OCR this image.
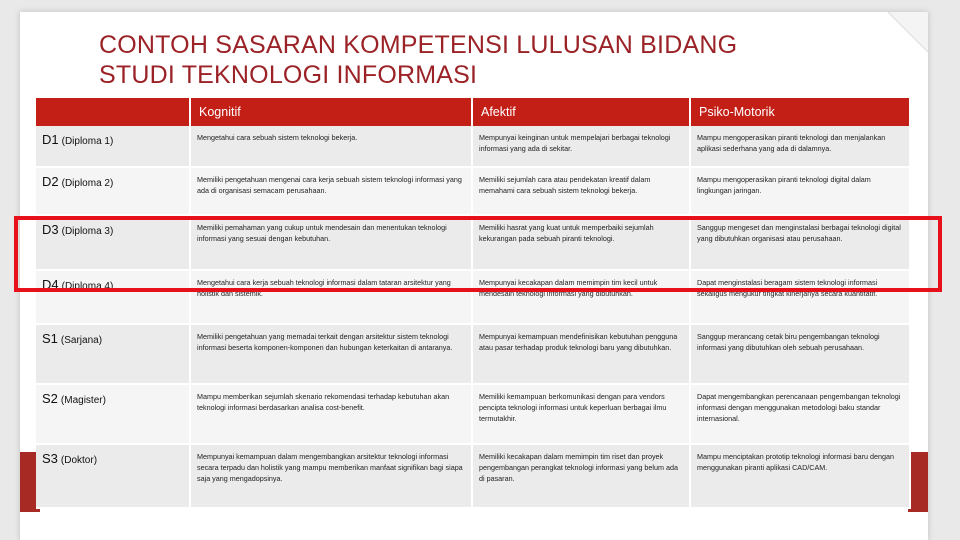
CONTOH SASARAN KOMPETENSI LULUSAN BIDANG
STUDI TEKNOLOGI INFORMASI
	Kognitif	Afektif	Psiko-Motorik
D1 (Diploma 1)	Mengetahui cara sebuah sistem teknologi bekerja.	Mempunyai keinginan untuk mempelajari berbagai teknologi informasi yang ada di sekitar.	Mampu mengoperasikan piranti teknologi dan menjalankan aplikasi sederhana yang ada di dalamnya.
D2 (Diploma 2)	Memiliki pengetahuan mengenai cara kerja sebuah sistem teknologi informasi yang ada di organisasi semacam perusahaan.	Memiliki sejumlah cara atau pendekatan kreatif dalam memahami cara sebuah sistem teknologi bekerja.	Mampu mengoperasikan piranti teknologi digital dalam lingkungan jaringan.
D3 (Diploma 3)	Memiliki pemahaman yang cukup untuk mendesain dan menentukan teknologi informasi yang sesuai dengan kebutuhan.	Memiliki hasrat yang kuat untuk memperbaiki sejumlah kekurangan pada sebuah piranti teknologi.	Sanggup mengeset dan menginstalasi berbagai teknologi digital yang dibutuhkan organisasi atau perusahaan.
D4 (Diploma 4)	Mengetahui cara kerja sebuah teknologi informasi dalam tataran arsitektur yang holistik dan sistemik.	Mempunyai kecakapan dalam memimpin tim kecil untuk mendesain teknologi informasi yang dibutuhkan.	Dapat menginstalasi beragam sistem teknologi informasi sekaligus mengukur tingkat kinerjanya secara kuantitatif.
S1 (Sarjana)	Memiliki pengetahuan yang memadai terkait dengan arsitektur sistem teknologi informasi beserta komponen-komponen dan hubungan keterkaitan di antaranya.	Mempunyai kemampuan mendefinisikan kebutuhan pengguna atau pasar terhadap produk teknologi baru yang dibutuhkan.	Sanggup merancang cetak biru pengembangan teknologi informasi yang dibutuhkan oleh sebuah perusahaan.
S2 (Magister)	Mampu memberikan sejumlah skenario rekomendasi terhadap kebutuhan akan teknologi informasi berdasarkan analisa cost-benefit.	Memiliki kemampuan berkomunikasi dengan para vendors pencipta teknologi informasi untuk keperluan berbagai ilmu termutakhir.	Dapat mengembangkan perencanaan pengembangan teknologi informasi dengan menggunakan metodologi baku standar internasional.
S3 (Doktor)	Mempunyai kemampuan dalam mengembangkan arsitektur teknologi informasi secara terpadu dan holistik yang mampu memberikan manfaat signifikan bagi siapa saja yang mengadopsinya.	Memiliki kecakapan dalam memimpin tim riset dan proyek pengembangan perangkat teknologi informasi yang belum ada di pasaran.	Mampu menciptakan prototip teknologi informasi baru dengan menggunakan piranti aplikasi CAD/CAM.
